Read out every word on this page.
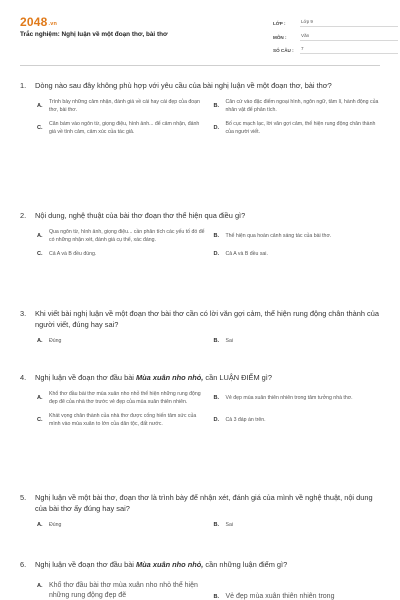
2048.vn
Trắc nghiệm: Nghị luận về một đoạn thơ, bài thơ
LỚP :	Lớp 9
MÔN :	Văn
SỐ CÂU :	7
1.	Dòng nào sau đây không phù hợp với yêu cầu của bài nghị luận về một đoạn thơ, bài thơ?
A.
Trình bày những cảm nhận, đánh giá về cái hay cái đẹp của đoạn thơ, bài thơ.
B.
Căn cứ vào đặc điểm ngoại hình, ngôn ngữ, tâm lí, hành động của nhân vật để phân tích.
C.
Căn bám vào ngôn từ, giọng điệu, hình ảnh... để cảm nhận, đánh giá về tình cảm, cảm xúc của tác giả.
D.
Bố cục mạch lạc, lời văn gợi cảm, thể hiện rung động chân thành của người viết.
2.	Nội dung, nghệ thuật của bài thơ đoạn thơ thể hiện qua điều gì?
A.
Qua ngôn từ, hình ảnh, giọng điệu... cần phân tích các yếu tố đó để có những nhận xét, đánh giá cụ thể, xác đáng.
B.	Thể hiện qua hoàn cảnh sáng tác của bài thơ.
C.	Cả A và B đều đúng.	D.	Cả A và B đều sai.
3.	Khi viết bài nghị luận về một đoạn thơ bài thơ cần có lời văn gợi cảm, thể hiện rung động chân thành của người viết, đúng hay sai?
A.	Đúng	B.	Sai
4.	Nghị luận về đoạn thơ đầu bài Mùa xuân nho nhỏ, cần LUẬN ĐIỂM gì?
A.
Khổ thơ đầu bài thơ mùa xuân nho nhỏ thể hiện những rung động đẹp đẽ của nhà thơ trước vẻ đẹp của mùa xuân thiên nhiên.
B.	Vẻ đẹp mùa xuân thiên nhiên trong tâm tưởng nhà thơ.
C.
Khát vọng chân thành của nhà thơ được cống hiến tâm sức của mình vào mùa xuân to lớn của dân tộc, đất nước.
D.	Cả 3 đáp án trên.
5.	Nghị luận về một bài thơ, đoạn thơ là trình bày để nhận xét, đánh giá của mình về nghệ thuật, nội dung của bài thơ ấy đúng hay sai?
A.	Đúng	B.	Sai
6.	Nghị luận về đoạn thơ đầu bài Mùa xuân nho nhỏ, cần những luận điểm gì?
A. Khổ thơ đầu bài thơ mùa xuân nho nhỏ thể hiện những rung động đẹp đẽ	B. Vẻ đẹp mùa xuân thiên nhiên trong
